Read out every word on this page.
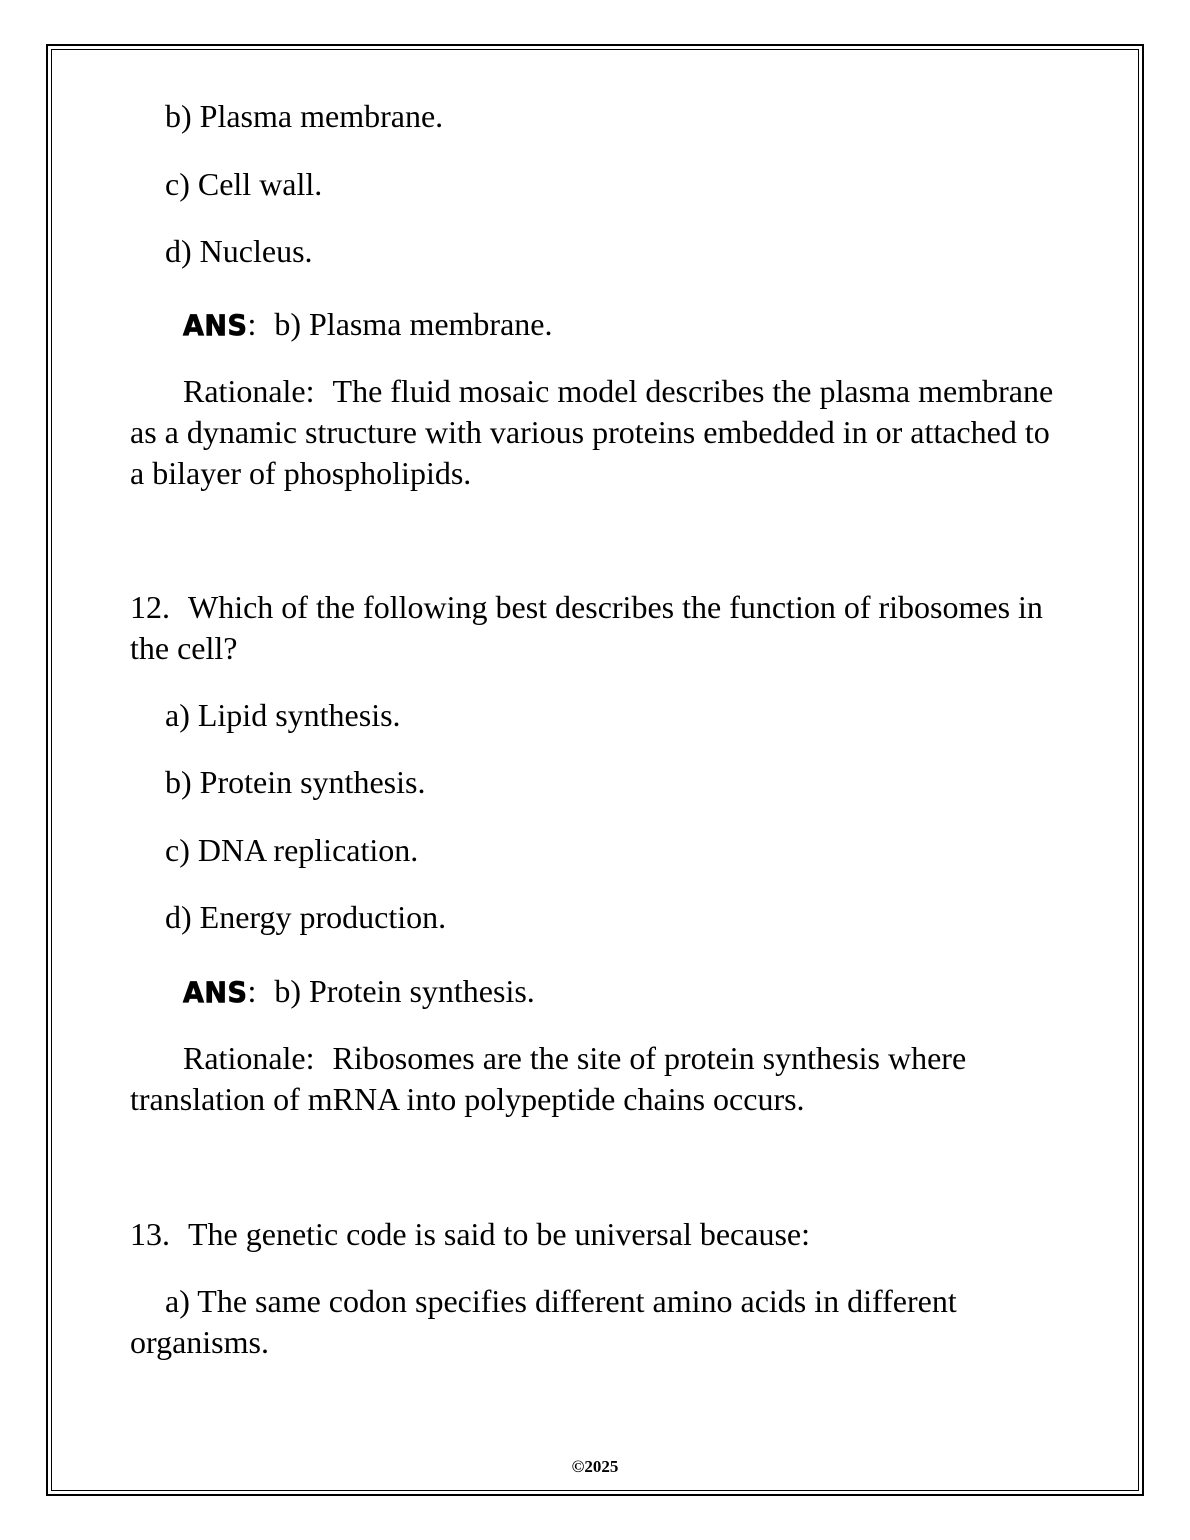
b) Plasma membrane.
c) Cell wall.
d) Nucleus.
ANS: b) Plasma membrane.
Rationale: The fluid mosaic model describes the plasma membrane as a dynamic structure with various proteins embedded in or attached to a bilayer of phospholipids.
12. Which of the following best describes the function of ribosomes in the cell?
a) Lipid synthesis.
b) Protein synthesis.
c) DNA replication.
d) Energy production.
ANS: b) Protein synthesis.
Rationale: Ribosomes are the site of protein synthesis where translation of mRNA into polypeptide chains occurs.
13. The genetic code is said to be universal because:
a) The same codon specifies different amino acids in different organisms.
©2025
